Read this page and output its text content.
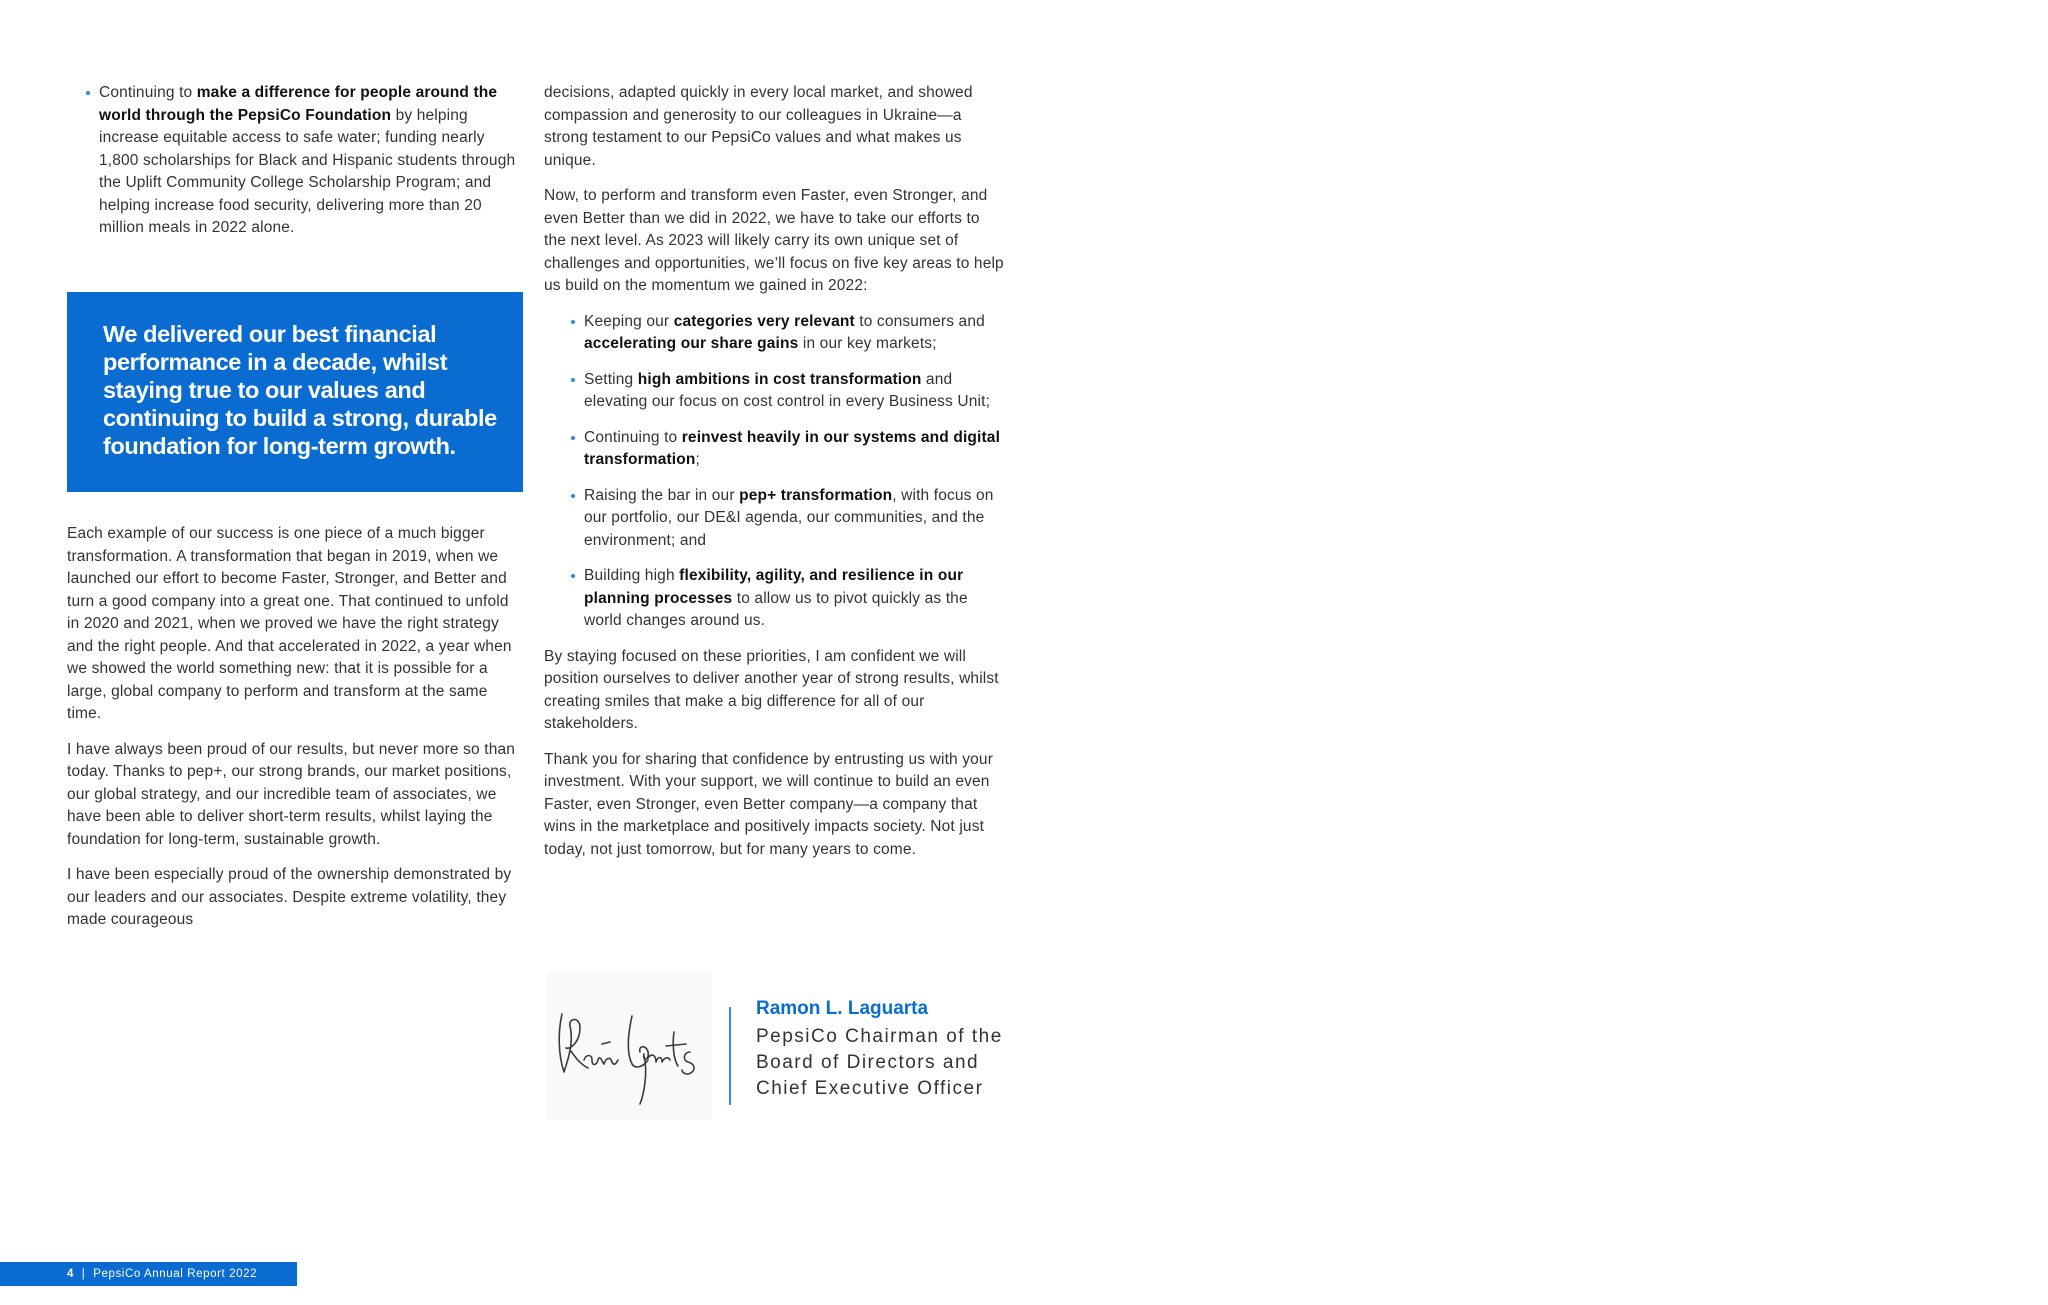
Continuing to make a difference for people around the world through the PepsiCo Foundation by helping increase equitable access to safe water; funding nearly 1,800 scholarships for Black and Hispanic students through the Uplift Community College Scholarship Program; and helping increase food security, delivering more than 20 million meals in 2022 alone.

We delivered our best financial performance in a decade, whilst staying true to our values and continuing to build a strong, durable foundation for long-term growth.

Each example of our success is one piece of a much bigger transformation. A transformation that began in 2019, when we launched our effort to become Faster, Stronger, and Better and turn a good company into a great one. That continued to unfold in 2020 and 2021, when we proved we have the right strategy and the right people. And that accelerated in 2022, a year when we showed the world something new: that it is possible for a large, global company to perform and transform at the same time.

I have always been proud of our results, but never more so than today. Thanks to pep+, our strong brands, our market positions, our global strategy, and our incredible team of associates, we have been able to deliver short-term results, whilst laying the foundation for long-term, sustainable growth.

I have been especially proud of the ownership demonstrated by our leaders and our associates. Despite extreme volatility, they made courageous

decisions, adapted quickly in every local market, and showed compassion and generosity to our colleagues in Ukraine—a strong testament to our PepsiCo values and what makes us unique.

Now, to perform and transform even Faster, even Stronger, and even Better than we did in 2022, we have to take our efforts to the next level. As 2023 will likely carry its own unique set of challenges and opportunities, we’ll focus on five key areas to help us build on the momentum we gained in 2022:

Keeping our categories very relevant to consumers and accelerating our share gains in our key markets;
Setting high ambitions in cost transformation and elevating our focus on cost control in every Business Unit;
Continuing to reinvest heavily in our systems and digital transformation;
Raising the bar in our pep+ transformation, with focus on our portfolio, our DE&I agenda, our communities, and the environment; and
Building high flexibility, agility, and resilience in our planning processes to allow us to pivot quickly as the world changes around us.

By staying focused on these priorities, I am confident we will position ourselves to deliver another year of strong results, whilst creating smiles that make a big difference for all of our stakeholders.

Thank you for sharing that confidence by entrusting us with your investment. With your support, we will continue to build an even Faster, even Stronger, even Better company—a company that wins in the marketplace and positively impacts society. Not just today, not just tomorrow, but for many years to come.

Ramon L. Laguarta
PepsiCo Chairman of the
Board of Directors and
Chief Executive Officer
4 | PepsiCo Annual Report 2022
